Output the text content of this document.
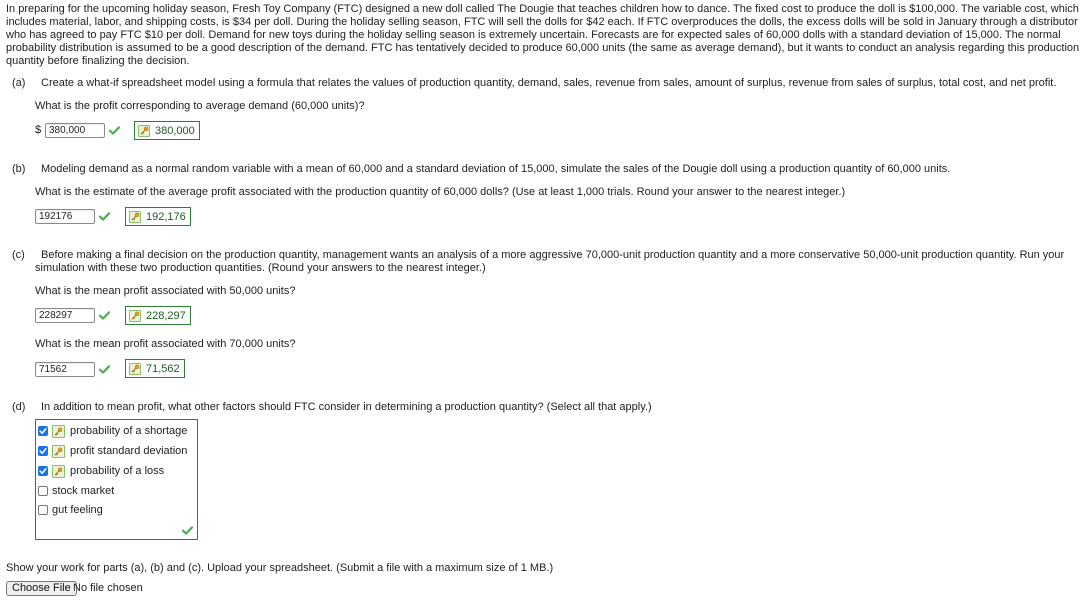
In preparing for the upcoming holiday season, Fresh Toy Company (FTC) designed a new doll called The Dougie that teaches children how to dance. The fixed cost to produce the doll is $100,000. The variable cost, which includes material, labor, and shipping costs, is $34 per doll. During the holiday selling season, FTC will sell the dolls for $42 each. If FTC overproduces the dolls, the excess dolls will be sold in January through a distributor who has agreed to pay FTC $10 per doll. Demand for new toys during the holiday selling season is extremely uncertain. Forecasts are for expected sales of 60,000 dolls with a standard deviation of 15,000. The normal probability distribution is assumed to be a good description of the demand. FTC has tentatively decided to produce 60,000 units (the same as average demand), but it wants to conduct an analysis regarding this production quantity before finalizing the decision.

(a) Create a what-if spreadsheet model using a formula that relates the values of production quantity, demand, sales, revenue from sales, amount of surplus, revenue from sales of surplus, total cost, and net profit.
What is the profit corresponding to average demand (60,000 units)?
$
380,000	380,000
(b) Modeling demand as a normal random variable with a mean of 60,000 and a standard deviation of 15,000, simulate the sales of the Dougie doll using a production quantity of 60,000 units.
What is the estimate of the average profit associated with the production quantity of 60,000 dolls? (Use at least 1,000 trials. Round your answer to the nearest integer.)
192176
192,176
(c) Before making a final decision on the production quantity, management wants an analysis of a more aggressive 70,000-unit production quantity and a more conservative 50,000-unit production quantity. Run your
simulation with these two production quantities. (Round your answers to the nearest integer.)
What is the mean profit associated with 50,000 units?
228297
228,297
What is the mean profit associated with 70,000 units?
71562
71,562
(d) In addition to mean profit, what other factors should FTC consider in determining a production quantity? (Select all that apply.)
probability of a shortage
profit standard deviation
probability of a loss
stock market
gut feeling
Show your work for parts (a), (b) and (c). Upload your spreadsheet. (Submit a file with a maximum size of 1 MB.)
Choose File No file chosen
